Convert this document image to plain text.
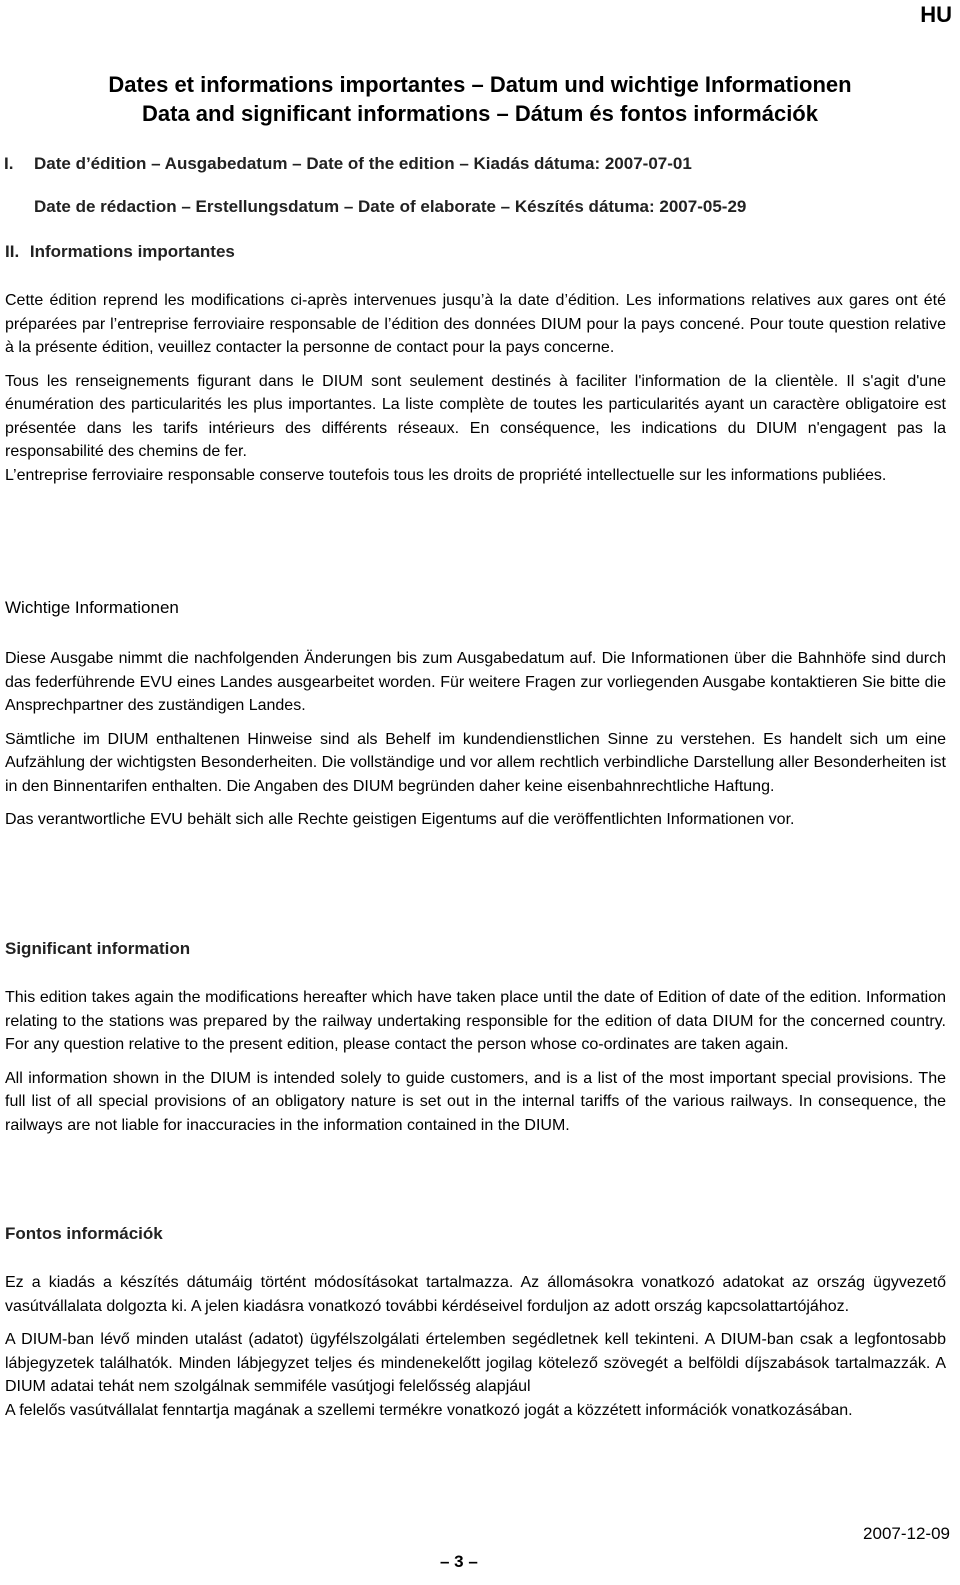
HU
Dates et informations importantes – Datum und wichtige Informationen
Data and significant informations – Dátum és fontos információk
I.	Date d’édition – Ausgabedatum – Date of the edition – Kiadás dátuma: 2007-07-01
Date de rédaction – Erstellungsdatum – Date of elaborate – Készítés dátuma: 2007-05-29
II. Informations importantes

Cette édition reprend les modifications ci-après intervenues jusqu’à la date d’édition. Les informations relatives aux gares ont été préparées par l’entreprise ferroviaire responsable de l’édition des données DIUM pour la pays concené. Pour toute question relative à la présente édition, veuillez contacter la personne de contact pour la pays concerne.

Tous les renseignements figurant dans le DIUM sont seulement destinés à faciliter l'information de la clientèle. Il s'agit d'une énumération des particularités les plus importantes. La liste complète de toutes les particularités ayant un caractère obligatoire est présentée dans les tarifs intérieurs des différents réseaux. En conséquence, les indications du DIUM n'engagent pas la responsabilité des chemins de fer.

L’entreprise ferroviaire responsable conserve toutefois tous les droits de propriété intellectuelle sur les informations publiées.

Wichtige Informationen

Diese Ausgabe nimmt die nachfolgenden Änderungen bis zum Ausgabedatum auf. Die Informationen über die Bahnhöfe sind durch das federführende EVU eines Landes ausgearbeitet worden. Für weitere Fragen zur vorliegenden Ausgabe kontaktieren Sie bitte die Ansprechpartner des zuständigen Landes.

Sämtliche im DIUM enthaltenen Hinweise sind als Behelf im kundendienstlichen Sinne zu verstehen. Es handelt sich um eine Aufzählung der wichtigsten Besonderheiten. Die vollständige und vor allem rechtlich verbindliche Darstellung aller Besonderheiten ist in den Binnentarifen enthalten. Die Angaben des DIUM begründen daher keine eisenbahnrechtliche Haftung.

Das verantwortliche EVU behält sich alle Rechte geistigen Eigentums auf die veröffentlichten Informationen vor.

Significant information

This edition takes again the modifications hereafter which have taken place until the date of Edition of date of the edition. Information relating to the stations was prepared by the railway undertaking responsible for the edition of data DIUM for the concerned country. For any question relative to the present edition, please contact the person whose co-ordinates are taken again.

All information shown in the DIUM is intended solely to guide customers, and is a list of the most important special provisions. The full list of all special provisions of an obligatory nature is set out in the internal tariffs of the various railways. In consequence, the railways are not liable for inaccuracies in the information contained in the DIUM.

Fontos információk

Ez a kiadás a készítés dátumáig történt módosításokat tartalmazza. Az állomásokra vonatkozó adatokat az ország ügyvezető vasútvállalata dolgozta ki. A jelen kiadásra vonatkozó további kérdéseivel forduljon az adott ország kapcsolattartójához.

A DIUM-ban lévő minden utalást (adatot) ügyfélszolgálati értelemben segédletnek kell tekinteni. A DIUM-ban csak a legfontosabb lábjegyzetek találhatók. Minden lábjegyzet teljes és mindenekelőtt jogilag kötelező szövegét a belföldi díjszabások tartalmazzák. A DIUM adatai tehát nem szolgálnak semmiféle vasútjogi felelősség alapjául

A felelős vasútvállalat fenntartja magának a szellemi termékre vonatkozó jogát a közzétett információk vonatkozásában.

2007-12-09
– 3 –
